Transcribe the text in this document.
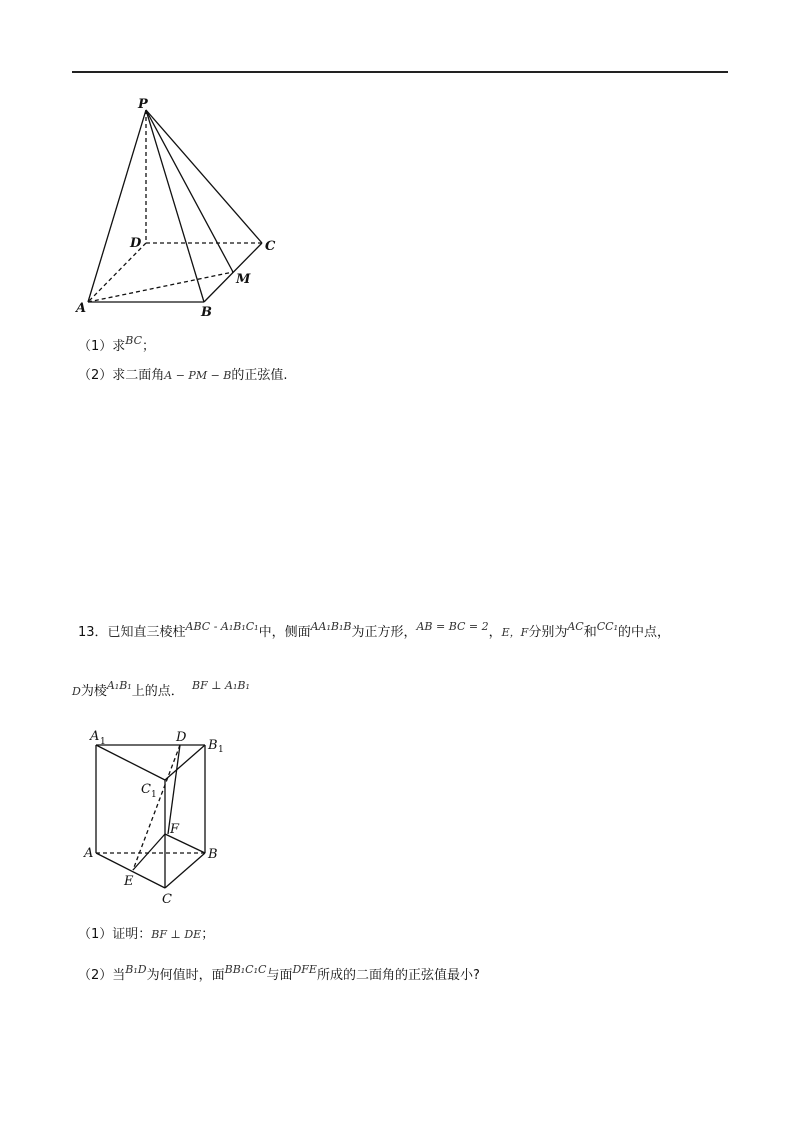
P
D	C
M
A	B
（1）求$^{BC}$；
（2）求二面角A − PM − B的正弦值.
13．已知直三棱柱$^{ABC - A_1B_1C_1}$中，侧面$^{AA_1B_1B}$为正方形，$^{AB = BC = 2}$，E，F分别为$^{AC}$和$^{CC_1}$的中点，
D为棱$^{A_1B_1}$上的点． $^{BF \perp A_1B_1}$
A 1	D
B 1
C 1
F
A	B
E
C
（1）证明：BF ⊥ DE；
（2）当$^{B_1D}$为何值时，面$^{BB_1C_1C}$与面$^{DFE}$所成的二面角的正弦值最小?
